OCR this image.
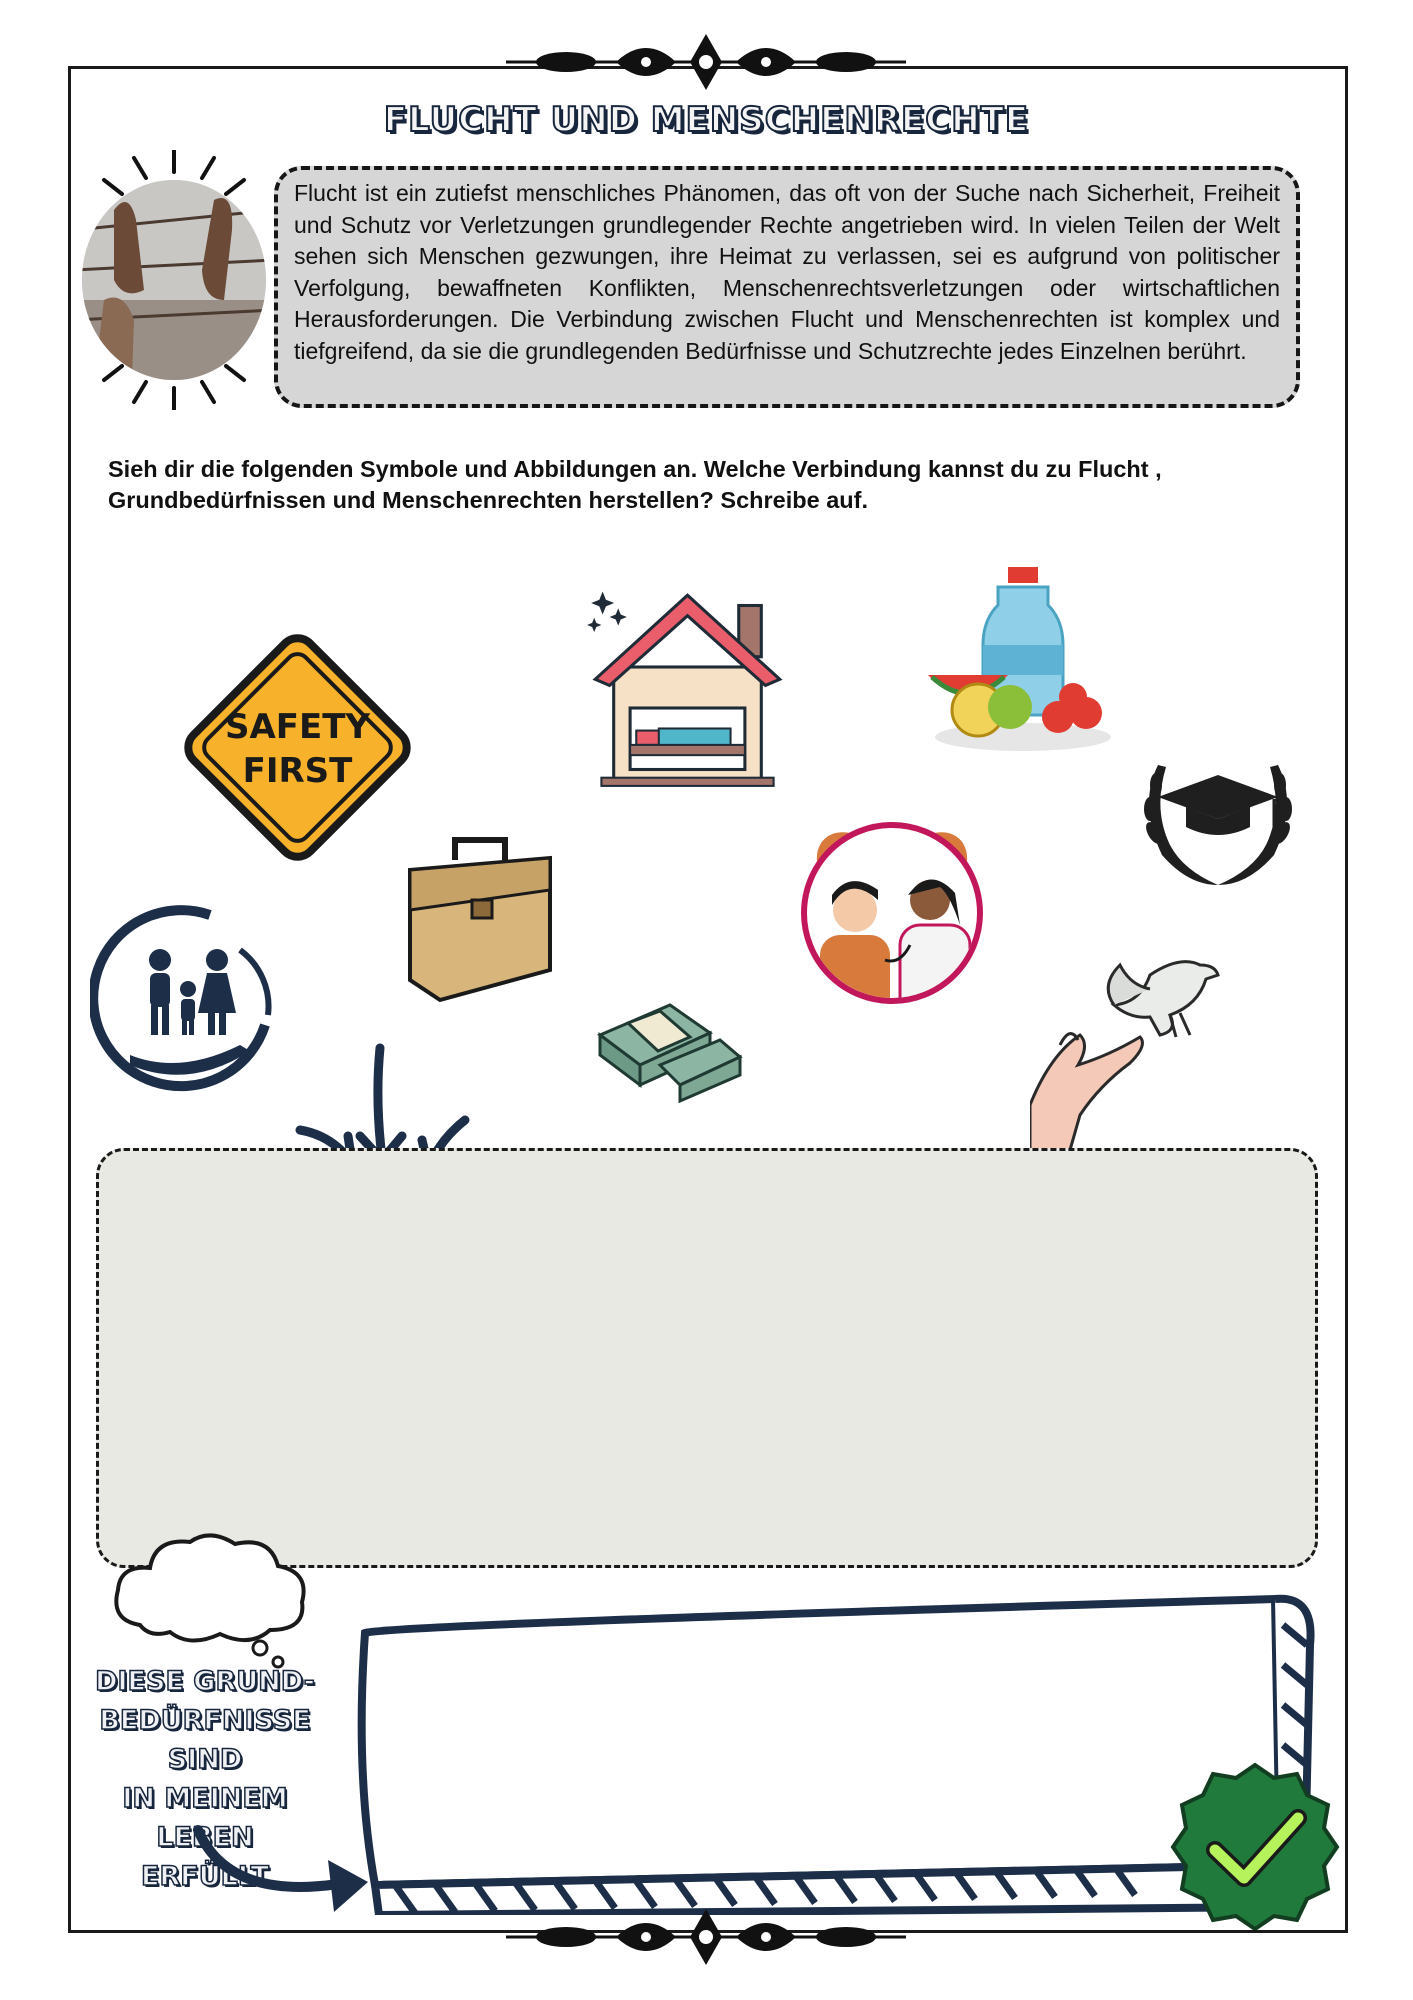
FLUCHT UND MENSCHENRECHTE
Flucht ist ein zutiefst menschliches Phänomen, das oft von der Suche nach Sicherheit, Freiheit und Schutz vor Verletzungen grundlegender Rechte angetrieben wird. In vielen Teilen der Welt sehen sich Menschen gezwungen, ihre Heimat zu verlassen, sei es aufgrund von politischer Verfolgung, bewaffneten Konflikten, Menschenrechtsverletzungen oder wirtschaftlichen Herausforderungen. Die Verbindung zwischen Flucht und Menschenrechten ist komplex und tiefgreifend, da sie die grundlegenden Bedürfnisse und Schutzrechte jedes Einzelnen berührt.
Sieh dir die folgenden Symbole und Abbildungen an. Welche Verbindung kannst du zu Flucht , Grundbedürfnissen und Menschenrechten herstellen? Schreibe auf.
SAFETY
FIRST
DIESE GRUND-
BEDÜRFNISSE SIND
IN MEINEM LEBEN
ERFÜLLT
